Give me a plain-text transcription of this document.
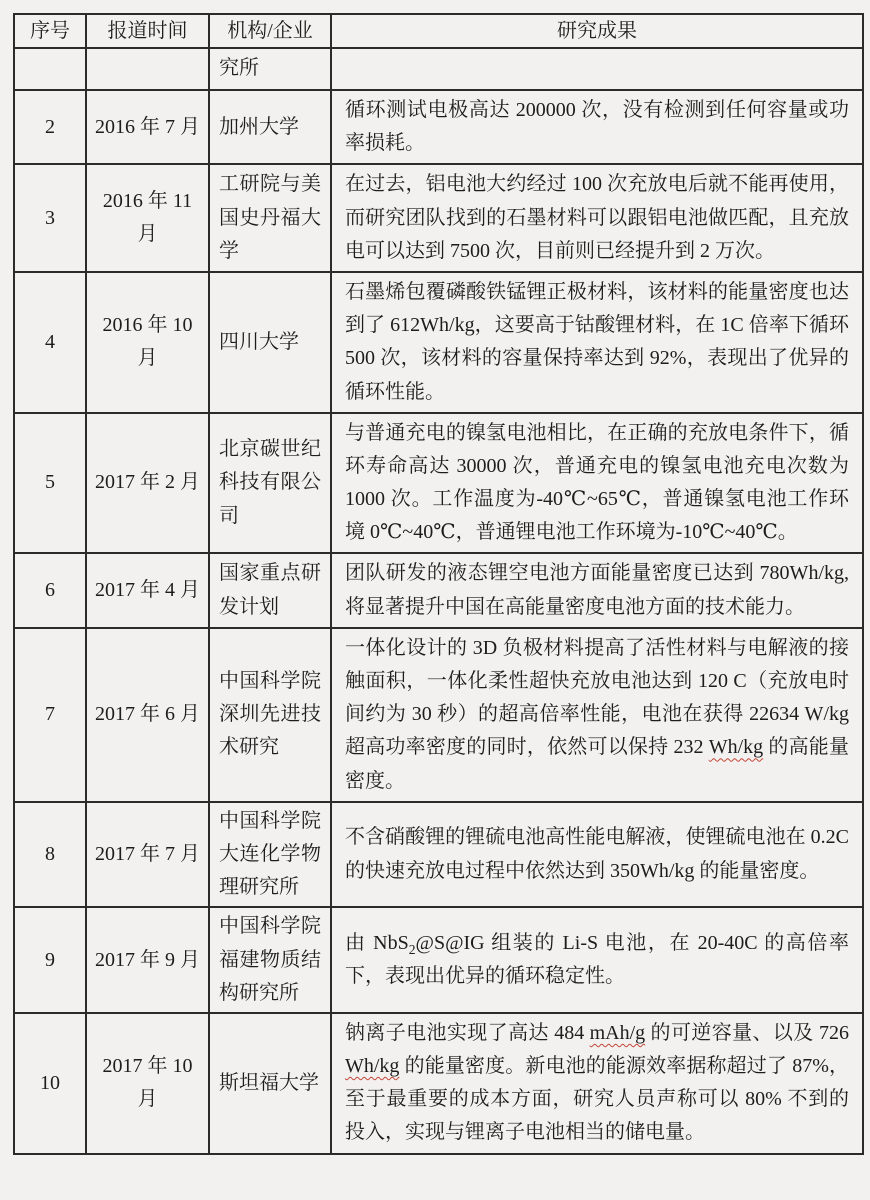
序号	报道时间	机构/企业	研究成果
		究所	
2	2016 年 7 月	加州大学	循环测试电极高达 200000 次，没有检测到任何容量或功率损耗。
3	2016 年 11 月	工研院与美国史丹福大学	在过去，铝电池大约经过 100 次充放电后就不能再使用，而研究团队找到的石墨材料可以跟铝电池做匹配，且充放电可以达到 7500 次，目前则已经提升到 2 万次。
4	2016 年 10 月	四川大学	石墨烯包覆磷酸铁锰锂正极材料，该材料的能量密度也达到了 612Wh/kg，这要高于钴酸锂材料，在 1C 倍率下循环 500 次，该材料的容量保持率达到 92%，表现出了优异的循环性能。
5	2017 年 2 月	北京碳世纪科技有限公司	与普通充电的镍氢电池相比，在正确的充放电条件下，循环寿命高达 30000 次，普通充电的镍氢电池充电次数为 1000 次。工作温度为-40℃~65℃，普通镍氢电池工作环境 0℃~40℃，普通锂电池工作环境为-10℃~40℃。
6	2017 年 4 月	国家重点研发计划	团队研发的液态锂空电池方面能量密度已达到 780Wh/kg,将显著提升中国在高能量密度电池方面的技术能力。
7	2017 年 6 月	中国科学院深圳先进技术研究	一体化设计的 3D 负极材料提高了活性材料与电解液的接触面积，一体化柔性超快充放电池达到 120 C（充放电时间约为 30 秒）的超高倍率性能，电池在获得 22634 W/kg 超高功率密度的同时，依然可以保持 232 Wh/kg 的高能量密度。
8	2017 年 7 月	中国科学院大连化学物理研究所	不含硝酸锂的锂硫电池高性能电解液，使锂硫电池在 0.2C 的快速充放电过程中依然达到 350Wh/kg 的能量密度。
9	2017 年 9 月	中国科学院福建物质结构研究所	由 NbS$_2$@S@IG 组装的 Li-S 电池，在 20-40C 的高倍率下，表现出优异的循环稳定性。
10	2017 年 10 月	斯坦福大学	钠离子电池实现了高达 484 mAh/g 的可逆容量、以及 726 Wh/kg 的能量密度。新电池的能源效率据称超过了 87%，至于最重要的成本方面，研究人员声称可以 80% 不到的投入，实现与锂离子电池相当的储电量。
